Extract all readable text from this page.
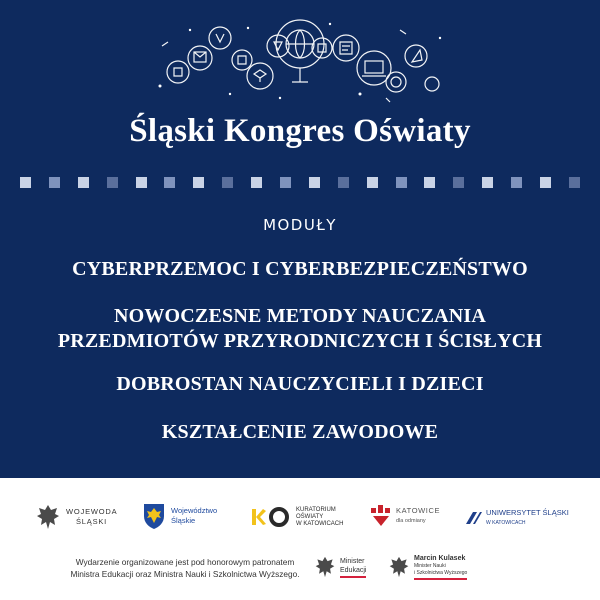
Śląski Kongres Oświaty
MODUŁY
CYBERPRZEMOC I CYBERBEZPIECZEŃSTWO
NOWOCZESNE METODY NAUCZANIA
PRZEDMIOTÓW PRZYRODNICZYCH I ŚCISŁYCH
DOBROSTAN NAUCZYCIELI I DZIECI
KSZTAŁCENIE ZAWODOWE
WOJEWODA
ŚLĄSKI
Województwo
Śląskie
KURATORIUM
OŚWIATY
W KATOWICACH
KATOWICE
dla odmiany
UNIWERSYTET ŚLĄSKI
W KATOWICACH
Wydarzenie organizowane jest pod honorowym patronatem
Ministra Edukacji oraz Ministra Nauki i Szkolnictwa Wyższego.
Minister
Edukacji
Marcin Kulasek
Minister Nauki
i Szkolnictwa Wyższego
